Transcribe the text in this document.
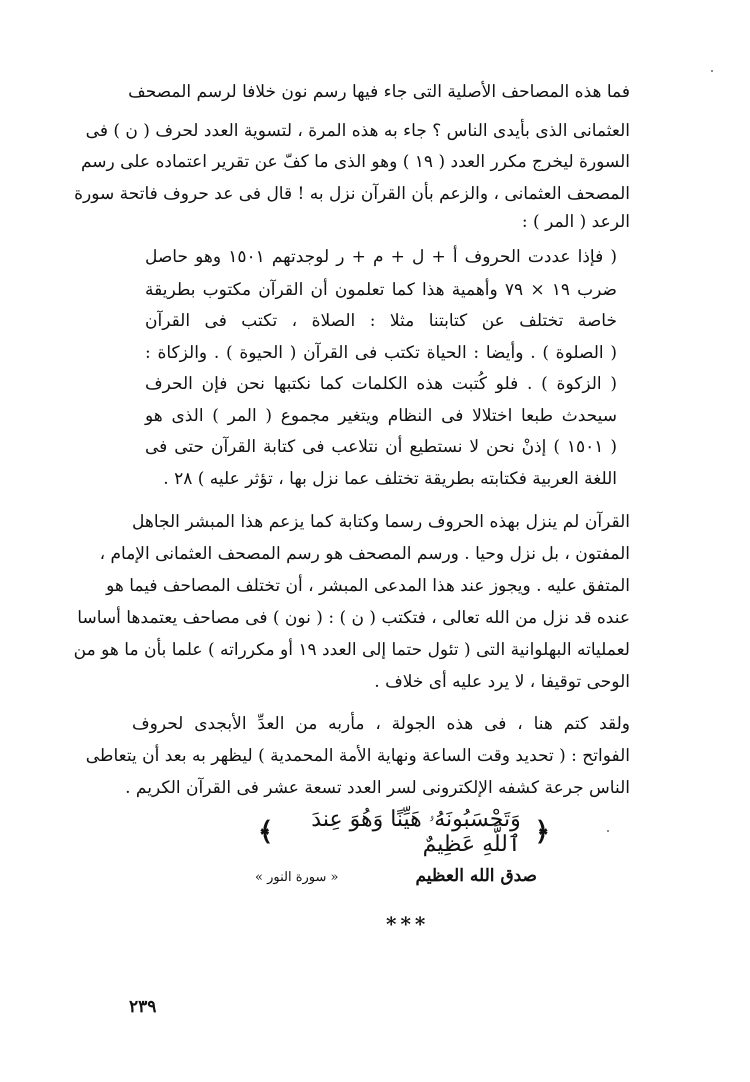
فما هذه المصاحف الأصلية التى جاء فيها رسم نون خلافا لرسم المصحف
العثمانى الذى بأيدى الناس ؟ جاء به هذه المرة ، لتسوية العدد لحرف ( ن ) فى
السورة ليخرج مكرر العدد ( ١٩ ) وهو الذى ما كفّ عن تقرير اعتماده على رسم
المصحف العثمانى ، والزعم بأن القرآن نزل به ! قال فى عد حروف فاتحة سورة
الرعد ( المر ) :
( فإذا عددت الحروف أ + ل + م + ر لوجدتهم ١٥٠١ وهو حاصل
ضرب ١٩ × ٧٩ وأهمية هذا كما تعلمون أن القرآن مكتوب بطريقة
خاصة تختلف عن كتابتنا مثلا : الصلاة ، تكتب فى القرآن
( الصلوة ) . وأيضا : الحياة تكتب فى القرآن ( الحيوة ) . والزكاة :
( الزكوة ) . فلو كُتبت هذه الكلمات كما نكتبها نحن فإن الحرف
سيحدث طبعا اختلالا فى النظام ويتغير مجموع ( المر ) الذى هو
( ١٥٠١ ) إذنْ نحن لا نستطيع أن نتلاعب فى كتابة القرآن حتى فى
اللغة العربية فكتابته بطريقة تختلف عما نزل بها ، تؤثر عليه ) ٢٨ .
القرآن لم ينزل بهذه الحروف رسما وكتابة كما يزعم هذا المبشر الجاهل
المفتون ، بل نزل وحيا . ورسم المصحف هو رسم المصحف العثمانى الإمام ،
المتفق عليه . ويجوز عند هذا المدعى المبشر ، أن تختلف المصاحف فيما هو
عنده قد نزل من الله تعالى ، فتكتب ( ن ) : ( نون ) فى مصاحف يعتمدها أساسا
لعملياته البهلوانية التى ( تئول حتما إلى العدد ١٩ أو مكرراته ) علما بأن ما هو من
الوحى توقيفا ، لا يرد عليه أى خلاف .
ولقد كتم هنا ، فى هذه الجولة ، مأربه من العدِّ الأبجدى لحروف
الفواتح : ( تحديد وقت الساعة ونهاية الأمة المحمدية ) ليظهر به بعد أن يتعاطى
الناس جرعة كشفه الإلكترونى لسر العدد تسعة عشر فى القرآن الكريم .
﴿
وَتَحْسَبُونَهُۥ هَيِّنًا وَهُوَ عِندَ ٱللَّهِ عَظِيمٌ
﴾
صدق الله العظيم
« سورة النور »
***
٢٣٩
